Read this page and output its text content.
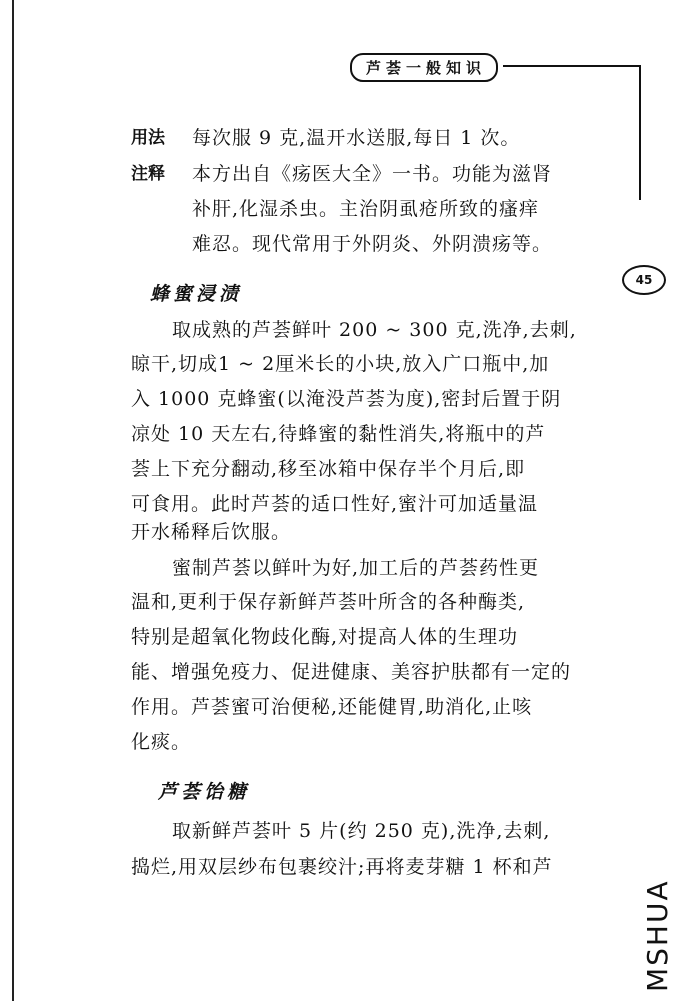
芦荟一般知识
45
用法 每次服 9 克,温开水送服,每日 1 次。
注释 本方出自《疡医大全》一书。功能为滋肾
补肝,化湿杀虫。主治阴虱疮所致的瘙痒
难忍。现代常用于外阴炎、外阴溃疡等。
蜂蜜浸渍
取成熟的芦荟鲜叶 200 ~ 300 克,洗净,去刺,
晾干,切成1 ~ 2厘米长的小块,放入广口瓶中,加
入 1000 克蜂蜜(以淹没芦荟为度),密封后置于阴
凉处 10 天左右,待蜂蜜的黏性消失,将瓶中的芦
荟上下充分翻动,移至冰箱中保存半个月后,即
可食用。此时芦荟的适口性好,蜜汁可加适量温
开水稀释后饮服。
蜜制芦荟以鲜叶为好,加工后的芦荟药性更
温和,更利于保存新鲜芦荟叶所含的各种酶类,
特别是超氧化物歧化酶,对提高人体的生理功
能、增强免疫力、促进健康、美容护肤都有一定的
作用。芦荟蜜可治便秘,还能健胃,助消化,止咳
化痰。
芦荟饴糖
取新鲜芦荟叶 5 片(约 250 克),洗净,去刺,
捣烂,用双层纱布包裹绞汁;再将麦芽糖 1 杯和芦
MSHUA
